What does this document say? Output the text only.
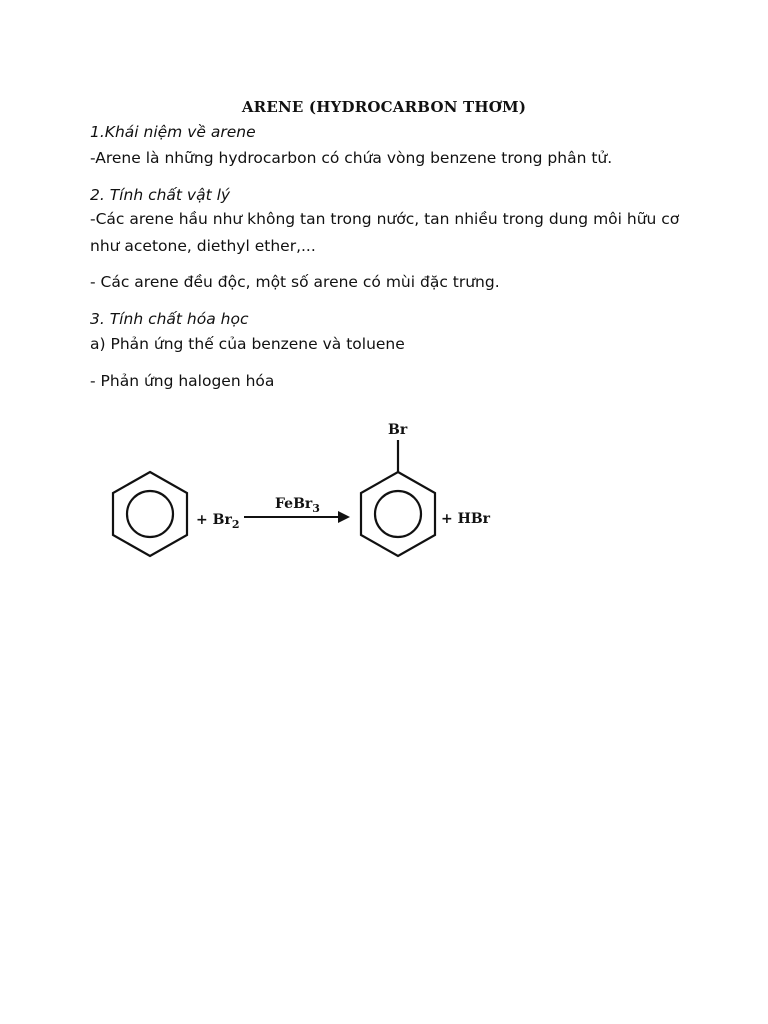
ARENE (HYDROCARBON THƠM)
1.Khái niệm về arene
-Arene là những hydrocarbon có chứa vòng benzene trong phân tử.
2. Tính chất vật lý
-Các arene hầu như không tan trong nước, tan nhiều trong dung môi hữu cơ như acetone, diethyl ether,...
- Các arene đều độc, một số arene có mùi đặc trưng.
3. Tính chất hóa học
a) Phản ứng thế của benzene và toluene
- Phản ứng halogen hóa
+ $Br_2$
FeBr$_3$
Br
+ HBr
